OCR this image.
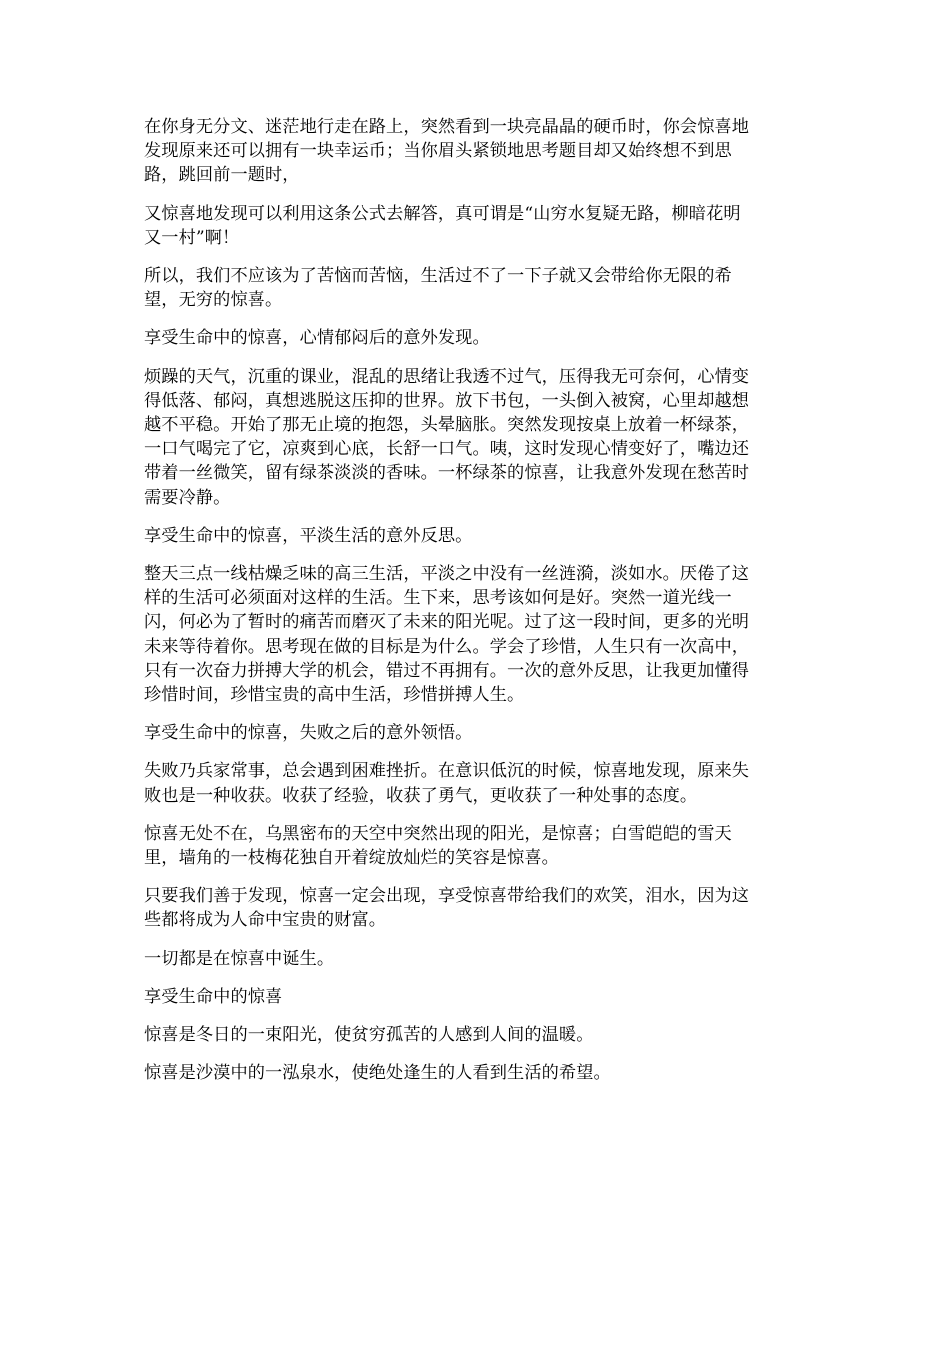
在你身无分文、迷茫地行走在路上，突然看到一块亮晶晶的硬币时，你会惊喜地发现原来还可以拥有一块幸运币；当你眉头紧锁地思考题目却又始终想不到思路，跳回前一题时，

又惊喜地发现可以利用这条公式去解答，真可谓是“山穷水复疑无路，柳暗花明又一村”啊！

所以，我们不应该为了苦恼而苦恼，生活过不了一下子就又会带给你无限的希望，无穷的惊喜。

享受生命中的惊喜，心情郁闷后的意外发现。

烦躁的天气，沉重的课业，混乱的思绪让我透不过气，压得我无可奈何，心情变得低落、郁闷，真想逃脱这压抑的世界。放下书包，一头倒入被窝，心里却越想越不平稳。开始了那无止境的抱怨，头晕脑胀。突然发现按桌上放着一杯绿茶，一口气喝完了它，凉爽到心底，长舒一口气。咦，这时发现心情变好了，嘴边还带着一丝微笑，留有绿茶淡淡的香味。一杯绿茶的惊喜，让我意外发现在愁苦时需要冷静。

享受生命中的惊喜，平淡生活的意外反思。

整天三点一线枯燥乏味的高三生活，平淡之中没有一丝涟漪，淡如水。厌倦了这样的生活可必须面对这样的生活。生下来，思考该如何是好。突然一道光线一闪，何必为了暂时的痛苦而磨灭了未来的阳光呢。过了这一段时间，更多的光明未来等待着你。思考现在做的目标是为什么。学会了珍惜，人生只有一次高中，只有一次奋力拼搏大学的机会，错过不再拥有。一次的意外反思，让我更加懂得珍惜时间，珍惜宝贵的高中生活，珍惜拼搏人生。

享受生命中的惊喜，失败之后的意外领悟。

失败乃兵家常事，总会遇到困难挫折。在意识低沉的时候，惊喜地发现，原来失败也是一种收获。收获了经验，收获了勇气，更收获了一种处事的态度。

惊喜无处不在，乌黑密布的天空中突然出现的阳光，是惊喜；白雪皑皑的雪天里，墙角的一枝梅花独自开着绽放灿烂的笑容是惊喜。

只要我们善于发现，惊喜一定会出现，享受惊喜带给我们的欢笑，泪水，因为这些都将成为人命中宝贵的财富。

一切都是在惊喜中诞生。

享受生命中的惊喜

惊喜是冬日的一束阳光，使贫穷孤苦的人感到人间的温暖。

惊喜是沙漠中的一泓泉水，使绝处逢生的人看到生活的希望。
